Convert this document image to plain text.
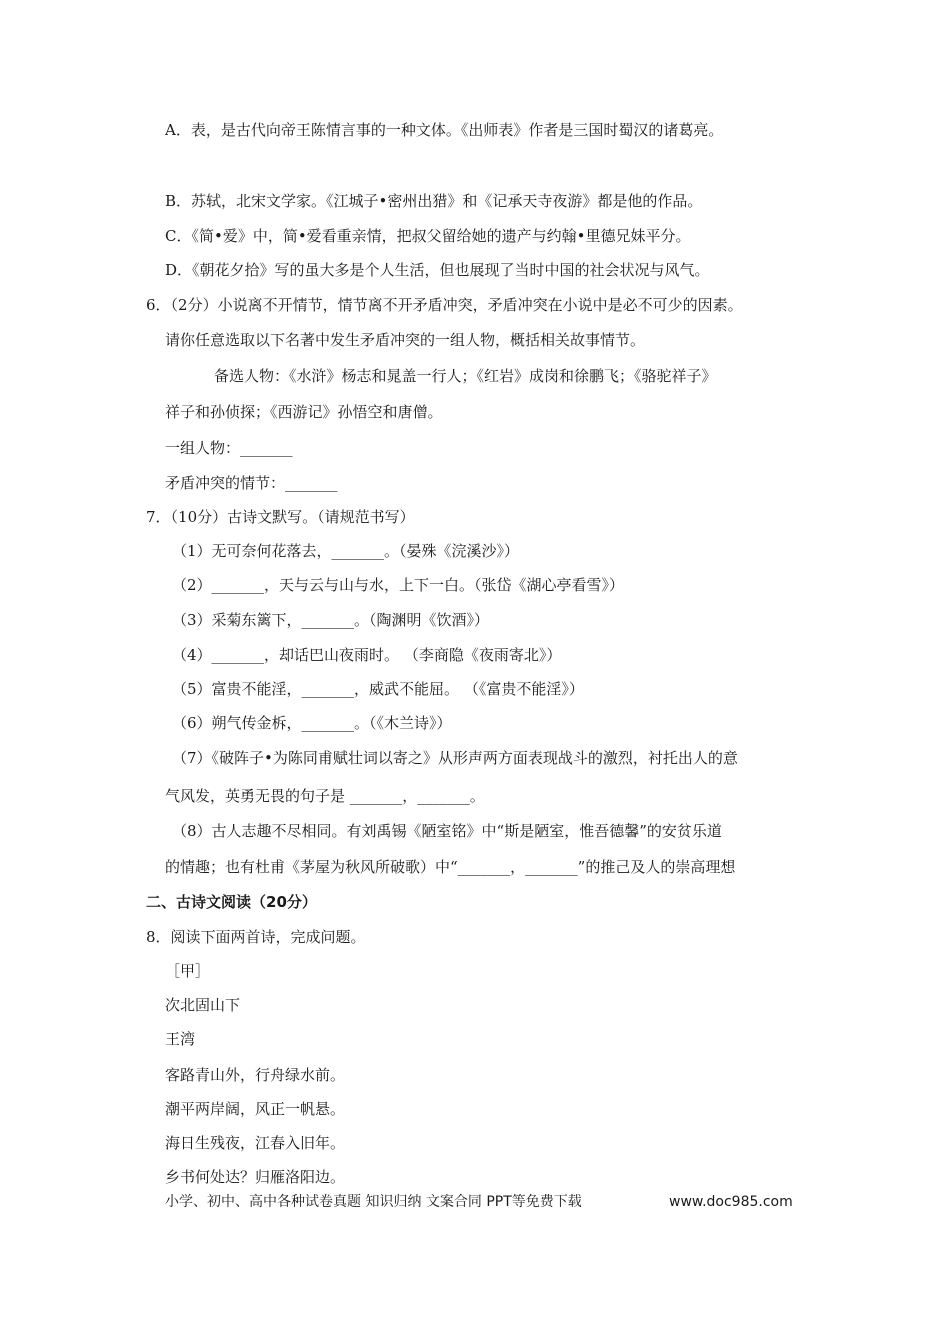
A．表，是古代向帝王陈情言事的一种文体。《出师表》作者是三国时蜀汉的诸葛亮。
B．苏轼，北宋文学家。《江城子•密州出猎》和《记承天寺夜游》都是他的作品。
C．《简•爱》中，简•爱看重亲情，把叔父留给她的遗产与约翰•里德兄妹平分。
D．《朝花夕拾》写的虽大多是个人生活，但也展现了当时中国的社会状况与风气。
6．（2分）小说离不开情节，情节离不开矛盾冲突，矛盾冲突在小说中是必不可少的因素。
请你任意选取以下名著中发生矛盾冲突的一组人物，概括相关故事情节。
备选人物：《水浒》杨志和晁盖一行人；《红岩》成岗和徐鹏飞；《骆驼祥子》
祥子和孙侦探；《西游记》孙悟空和唐僧。
一组人物：_______
矛盾冲突的情节：_______
7．（10分）古诗文默写。（请规范书写）
（1）无可奈何花落去，_______。（晏殊《浣溪沙》）
（2）_______，天与云与山与水，上下一白。（张岱《湖心亭看雪》）
（3）采菊东篱下，_______。（陶渊明《饮酒》）
（4）_______，却话巴山夜雨时。 （李商隐《夜雨寄北》）
（5）富贵不能淫，_______，威武不能屈。 （《富贵不能淫》）
（6）朔气传金柝，_______。（《木兰诗》）
（7）《破阵子•为陈同甫赋壮词以寄之》从形声两方面表现战斗的激烈，衬托出人的意
气风发，英勇无畏的句子是 _______，_______。
（8）古人志趣不尽相同。有刘禹锡《陋室铭》中“斯是陋室，惟吾德馨”的安贫乐道
的情趣；也有杜甫《茅屋为秋风所破歌）中“_______，_______”的推己及人的崇高理想
二、古诗文阅读（20分）
8．阅读下面两首诗，完成问题。
［甲］
次北固山下
王湾
客路青山外，行舟绿水前。
潮平两岸阔，风正一帆悬。
海日生残夜，江春入旧年。
乡书何处达？归雁洛阳边。
小学、初中、高中各种试卷真题 知识归纳 文案合同 PPT等免费下载	www.doc985.com
